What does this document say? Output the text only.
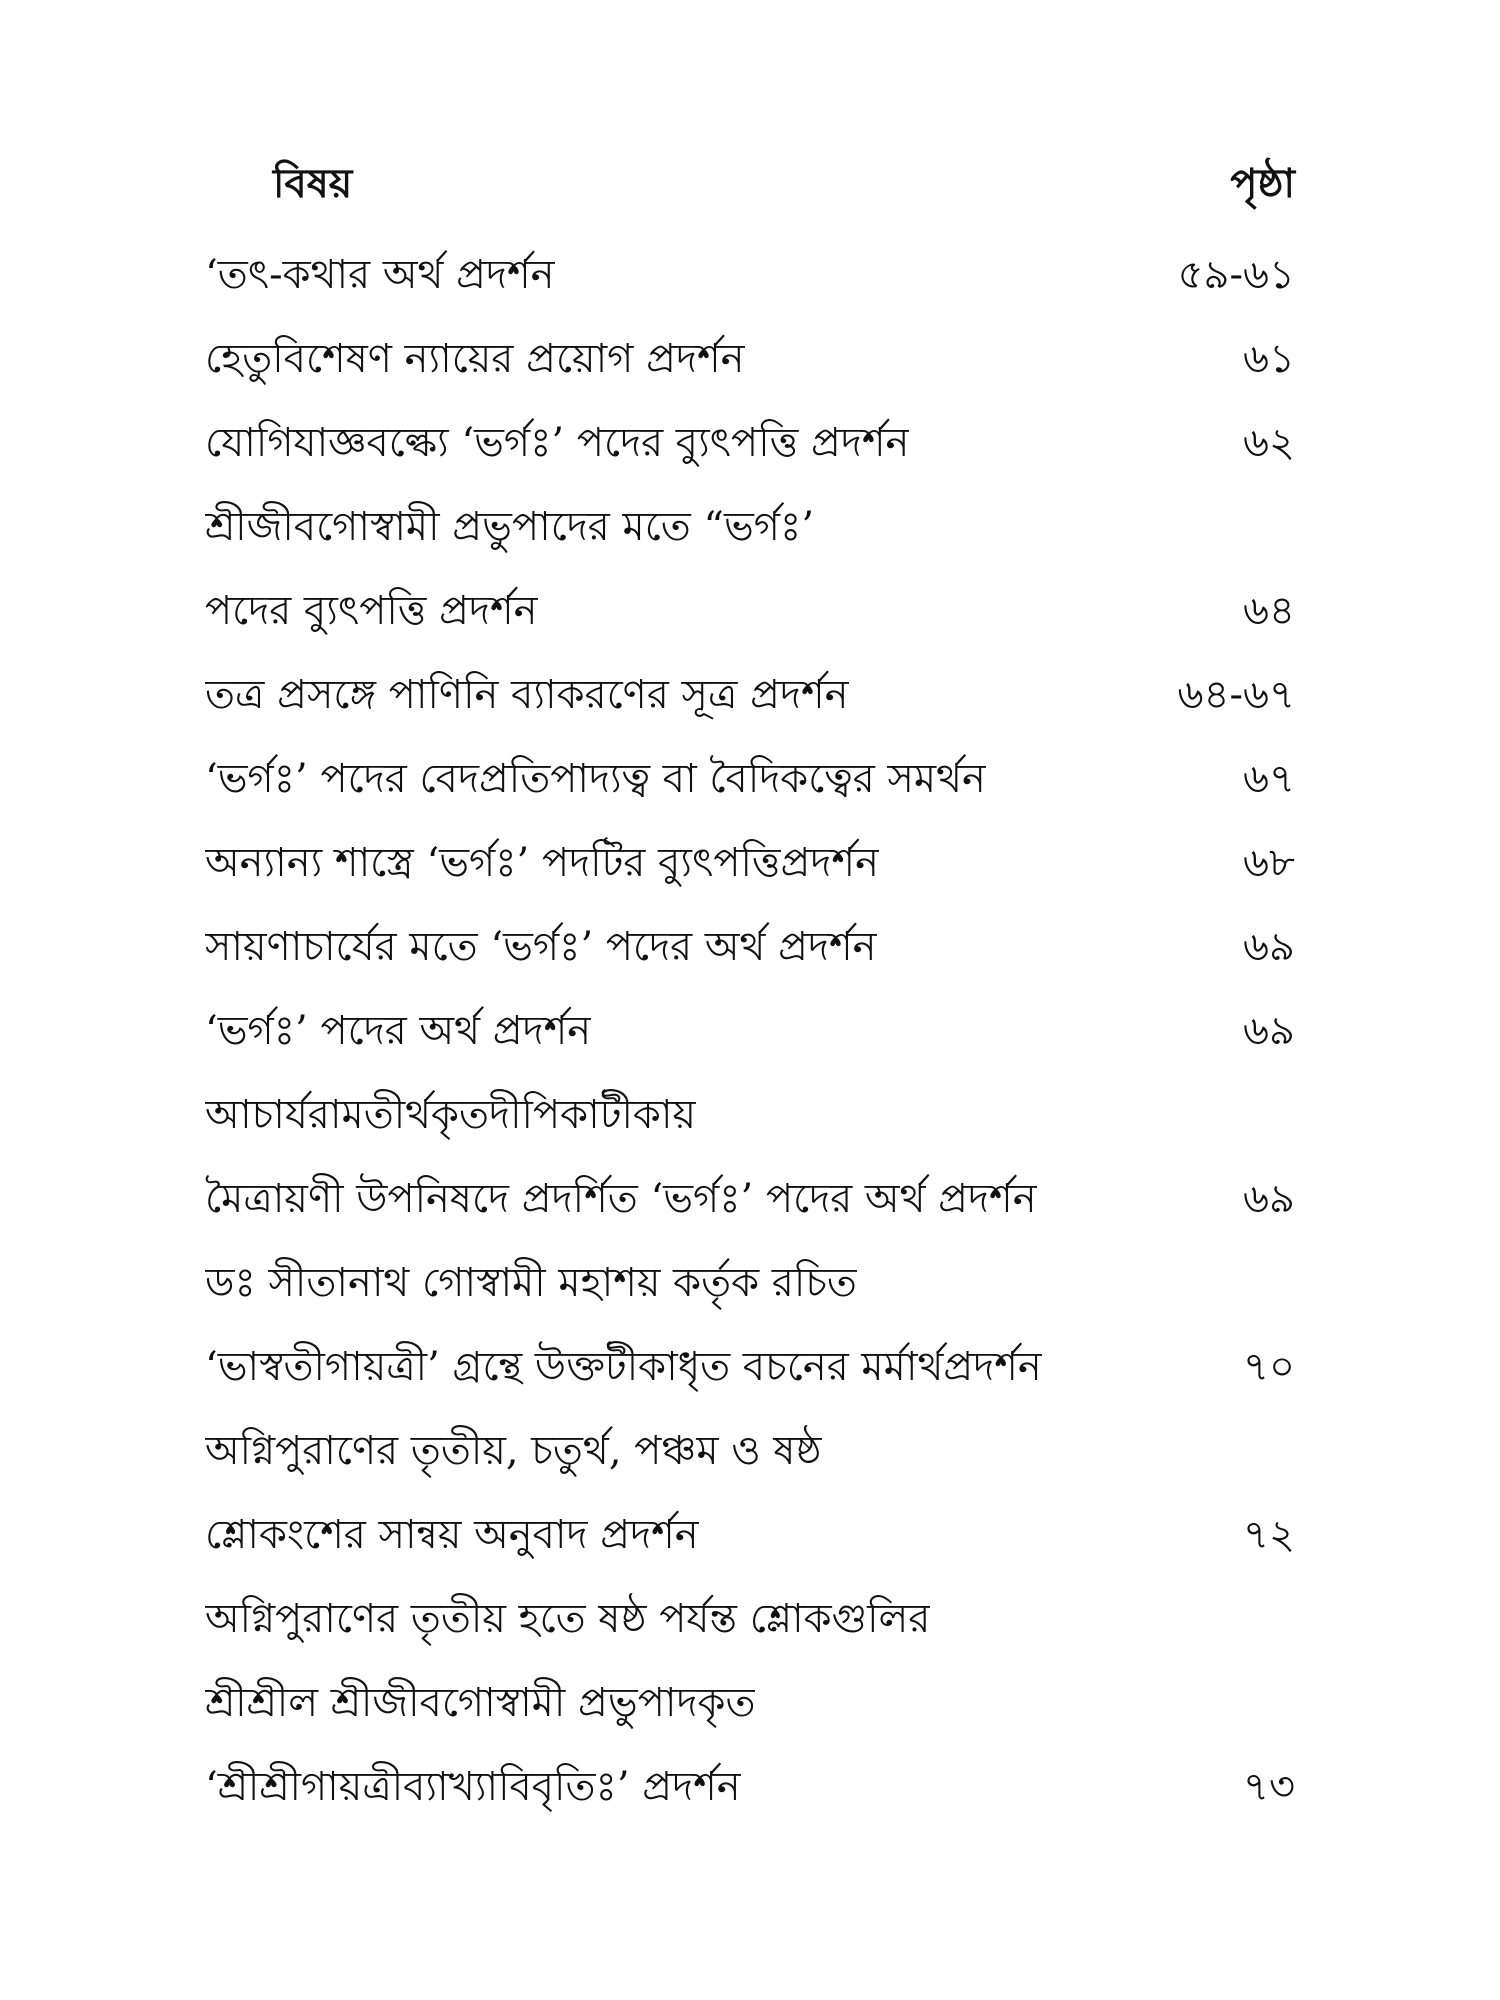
বিষয়	পৃষ্ঠা
‘তৎ-কথার অর্থ প্রদর্শন	৫৯-৬১
হেতুবিশেষণ ন্যায়ের প্রয়োগ প্রদর্শন	৬১
যোগিযাজ্ঞবল্ক্যে ‘ভর্গঃ’ পদের ব্যুৎপত্তি প্রদর্শন	৬২
শ্রীজীবগোস্বামী প্রভুপাদের মতে “ভর্গঃ’
পদের ব্যুৎপত্তি প্রদর্শন	৬৪
তত্র প্রসঙ্গে পাণিনি ব্যাকরণের সূত্র প্রদর্শন	৬৪-৬৭
‘ভর্গঃ’ পদের বেদপ্রতিপাদ্যত্ব বা বৈদিকত্বের সমর্থন	৬৭
অন্যান্য শাস্ত্রে ‘ভর্গঃ’ পদটির ব্যুৎপত্তিপ্রদর্শন	৬৮
সায়ণাচার্যের মতে ‘ভর্গঃ’ পদের অর্থ প্রদর্শন	৬৯
‘ভর্গঃ’ পদের অর্থ প্রদর্শন	৬৯
আচার্যরামতীর্থকৃতদীপিকাটীকায়
মৈত্রায়ণী উপনিষদে প্রদর্শিত ‘ভর্গঃ’ পদের অর্থ প্রদর্শন	৬৯
ডঃ সীতানাথ গোস্বামী মহাশয় কর্তৃক রচিত
‘ভাস্বতীগায়ত্রী’ গ্রন্থে উক্তটীকাধৃত বচনের মর্মার্থপ্রদর্শন	৭০
অগ্নিপুরাণের তৃতীয়, চতুর্থ, পঞ্চম ও ষষ্ঠ
শ্লোকংশের সান্বয় অনুবাদ প্রদর্শন	৭২
অগ্নিপুরাণের তৃতীয় হতে ষষ্ঠ পর্যন্ত শ্লোকগুলির
শ্রীশ্রীল শ্রীজীবগোস্বামী প্রভুপাদকৃত
‘শ্রীশ্রীগায়ত্রীব্যাখ্যাবিবৃতিঃ’ প্রদর্শন	৭৩
